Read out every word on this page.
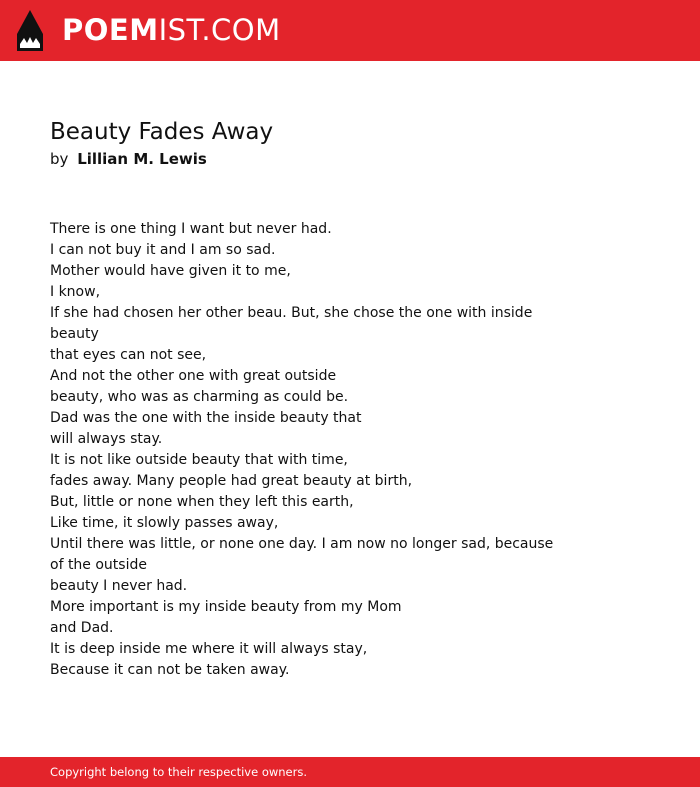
POEMIST.COM
Beauty Fades Away
by Lillian M. Lewis
There is one thing I want but never had.
I can not buy it and I am so sad.
Mother would have given it to me,
I know,
If she had chosen her other beau. But, she chose the one with inside
beauty
that eyes can not see,
And not the other one with great outside
beauty, who was as charming as could be.
Dad was the one with the inside beauty that
will always stay.
It is not like outside beauty that with time,
fades away. Many people had great beauty at birth,
But, little or none when they left this earth,
Like time, it slowly passes away,
Until there was little, or none one day. I am now no longer sad, because
of the outside
beauty I never had.
More important is my inside beauty from my Mom
and Dad.
It is deep inside me where it will always stay,
Because it can not be taken away.
Copyright belong to their respective owners.
